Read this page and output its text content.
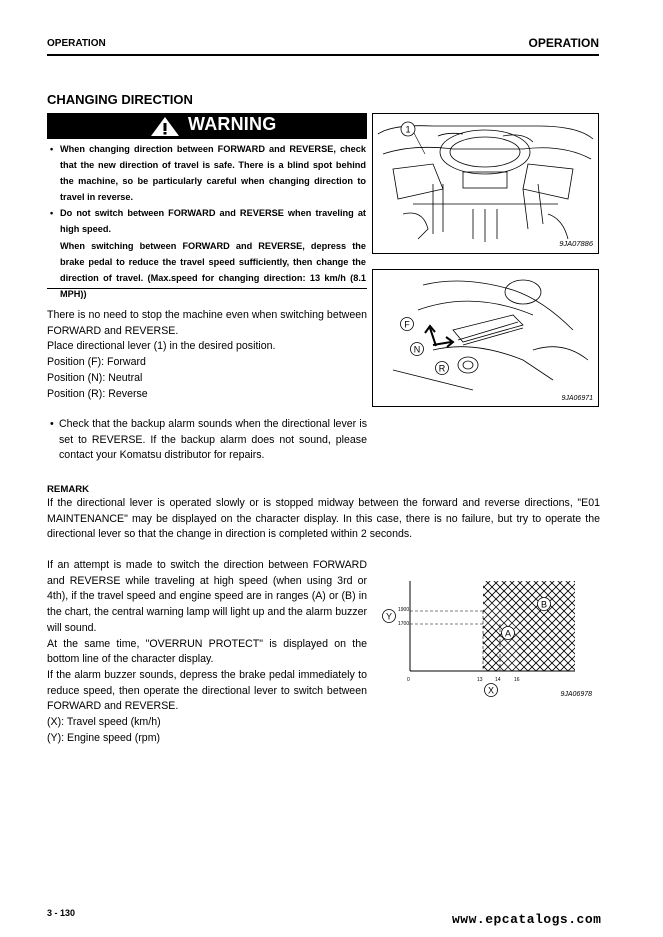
OPERATION	OPERATION
CHANGING DIRECTION
WARNING
• When changing direction between FORWARD and REVERSE, check that the new direction of travel is safe. There is a blind spot behind the machine, so be particularly careful when changing direction to travel in reverse.
• Do not switch between FORWARD and REVERSE when traveling at high speed.
When switching between FORWARD and REVERSE, depress the brake pedal to reduce the travel speed sufficiently, then change the direction of travel. (Max.speed for changing direction: 13 km/h (8.1 MPH))
1
9JA07886
F
N
R
9JA06971
There is no need to stop the machine even when switching between FORWARD and REVERSE.
Place directional lever (1) in the desired position.
Position (F): Forward
Position (N): Neutral
Position (R): Reverse
• Check that the backup alarm sounds when the directional lever is set to REVERSE. If the backup alarm does not sound, please contact your Komatsu distributor for repairs.
REMARK
If the directional lever is operated slowly or is stopped midway between the forward and reverse directions, "E01 MAINTENANCE" may be displayed on the character display. In this case, there is no failure, but try to operate the directional lever so that the change in direction is completed within 2 seconds.
If an attempt is made to switch the direction between FORWARD and REVERSE while traveling at high speed (when using 3rd or 4th), if the travel speed and engine speed are in ranges (A) or (B) in the chart, the central warning lamp will light up and the alarm buzzer will sound.
At the same time, "OVERRUN PROTECT" is displayed on the bottom line of the character display.
If the alarm buzzer sounds, depress the brake pedal immediately to reduce speed, then operate the directional lever to switch between FORWARD and REVERSE.
(X): Travel speed (km/h)
(Y): Engine speed (rpm)
1900
1700
0	13 14	16
Y
X
A
B
9JA06978
3 - 130	www.epcatalogs.com
